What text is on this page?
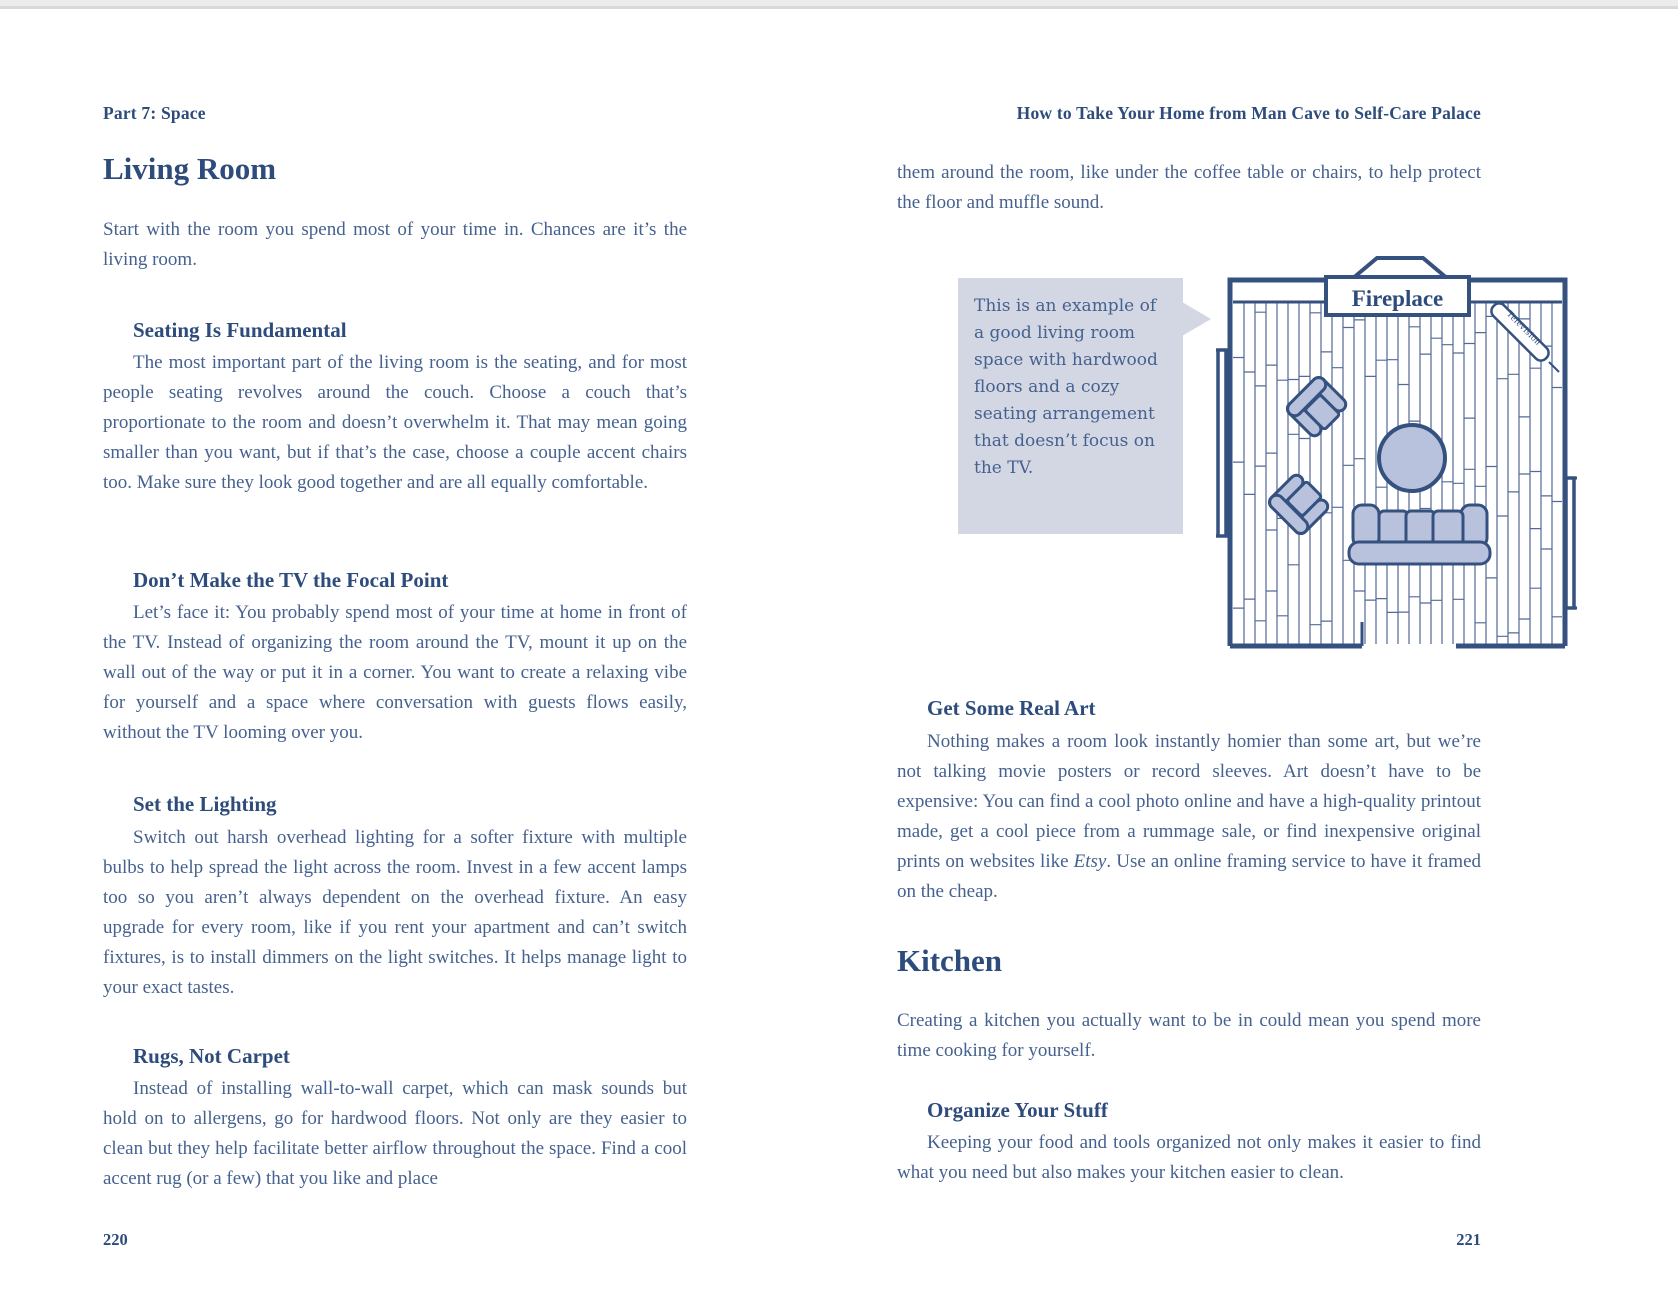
Part 7: Space
Living Room

Start with the room you spend most of your time in. Chances are it’s the living room.

Seating Is Fundamental

The most important part of the living room is the seating, and for most people seating revolves around the couch. Choose a couch that’s proportionate to the room and doesn’t overwhelm it. That may mean going smaller than you want, but if that’s the case, choose a couple accent chairs too. Make sure they look good together and are all equally comfortable.

Don’t Make the TV the Focal Point

Let’s face it: You probably spend most of your time at home in front of the TV. Instead of organizing the room around the TV, mount it up on the wall out of the way or put it in a corner. You want to create a relaxing vibe for yourself and a space where conversation with guests flows easily, without the TV looming over you.

Set the Lighting

Switch out harsh overhead lighting for a softer fixture with multiple bulbs to help spread the light across the room. Invest in a few accent lamps too so you aren’t always dependent on the overhead fixture. An easy upgrade for every room, like if you rent your apartment and can’t switch fixtures, is to install dimmers on the light switches. It helps manage light to your exact tastes.

Rugs, Not Carpet

Instead of installing wall-to-wall carpet, which can mask sounds but hold on to allergens, go for hardwood floors. Not only are they easier to clean but they help facilitate better airflow throughout the space. Find a cool accent rug (or a few) that you like and place

220
How to Take Your Home from Man Cave to Self-Care Palace

them around the room, like under the coffee table or chairs, to help protect the floor and muffle sound.

Get Some Real Art

Nothing makes a room look instantly homier than some art, but we’re not talking movie posters or record sleeves. Art doesn’t have to be expensive: You can find a cool photo online and have a high-quality printout made, get a cool piece from a rummage sale, or find inexpensive original prints on websites like Etsy. Use an online framing service to have it framed on the cheap.

Kitchen

Creating a kitchen you actually want to be in could mean you spend more time cooking for yourself.

Organize Your Stuff

Keeping your food and tools organized not only makes it easier to find what you need but also makes your kitchen easier to clean.

221
This is an example of a good living room space with hardwood floors and a cozy seating arrangement that doesn’t focus on the TV.
Fireplace
Television
